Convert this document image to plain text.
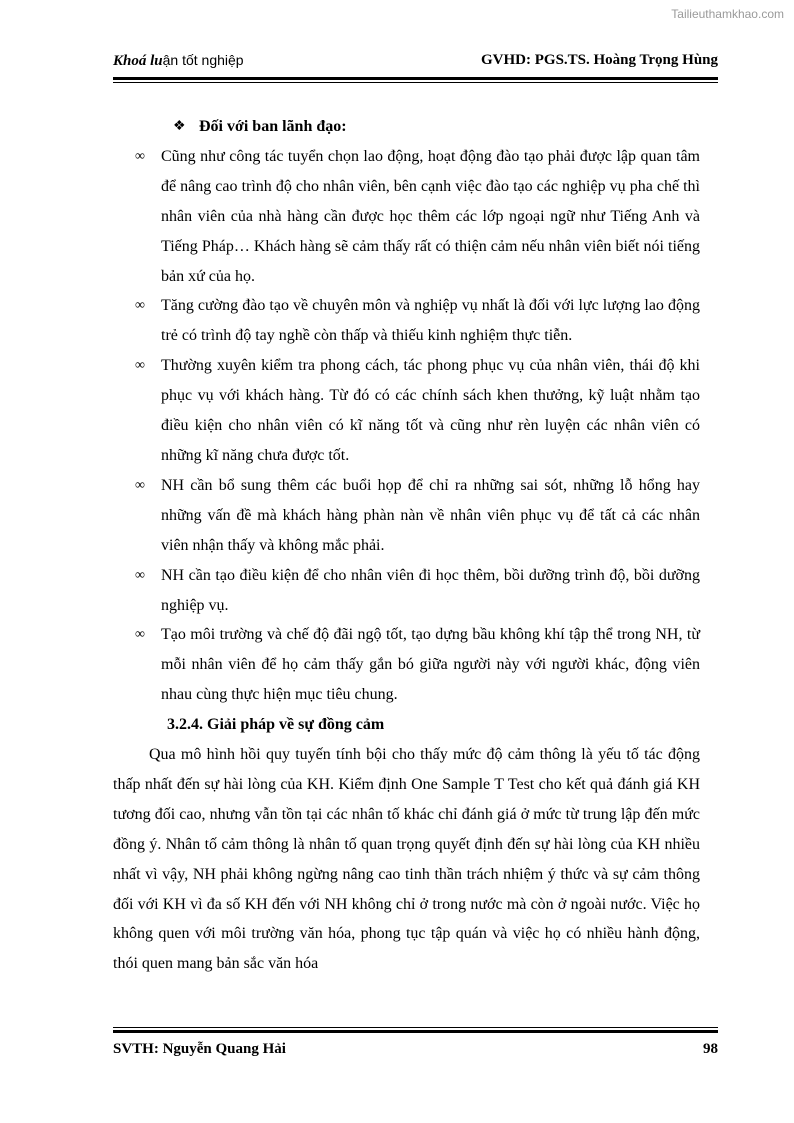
Tailieuthamkhao.com
Khoá luận tốt nghiệp	GVHD: PGS.TS. Hoàng Trọng Hùng
❖ Đối với ban lãnh đạo:
∞ Cũng như công tác tuyển chọn lao động, hoạt động đào tạo phải được lập quan tâm để nâng cao trình độ cho nhân viên, bên cạnh việc đào tạo các nghiệp vụ pha chế thì nhân viên của nhà hàng cần được học thêm các lớp ngoại ngữ như Tiếng Anh và Tiếng Pháp… Khách hàng sẽ cảm thấy rất có thiện cảm nếu nhân viên biết nói tiếng bản xứ của họ.
∞ Tăng cường đào tạo về chuyên môn và nghiệp vụ nhất là đối với lực lượng lao động trẻ có trình độ tay nghề còn thấp và thiếu kinh nghiệm thực tiễn.
∞ Thường xuyên kiểm tra phong cách, tác phong phục vụ của nhân viên, thái độ khi phục vụ với khách hàng. Từ đó có các chính sách khen thưởng, kỹ luật nhằm tạo điều kiện cho nhân viên có kĩ năng tốt và cũng như rèn luyện các nhân viên có những kĩ năng chưa được tốt.
∞ NH cần bổ sung thêm các buổi họp để chỉ ra những sai sót, những lỗ hổng hay những vấn đề mà khách hàng phàn nàn về nhân viên phục vụ để tất cả các nhân viên nhận thấy và không mắc phải.
∞ NH cần tạo điều kiện để cho nhân viên đi học thêm, bồi dưỡng trình độ, bồi dưỡng nghiệp vụ.
∞ Tạo môi trường và chế độ đãi ngộ tốt, tạo dựng bầu không khí tập thể trong NH, từ mỗi nhân viên để họ cảm thấy gắn bó giữa người này với người khác, động viên nhau cùng thực hiện mục tiêu chung.
3.2.4. Giải pháp về sự đồng cảm
Qua mô hình hồi quy tuyến tính bội cho thấy mức độ cảm thông là yếu tố tác động thấp nhất đến sự hài lòng của KH. Kiểm định One Sample T Test cho kết quả đánh giá KH tương đối cao, nhưng vẫn tồn tại các nhân tố khác chỉ đánh giá ở mức từ trung lập đến mức đồng ý. Nhân tố cảm thông là nhân tố quan trọng quyết định đến sự hài lòng của KH nhiều nhất vì vậy, NH phải không ngừng nâng cao tinh thần trách nhiệm ý thức và sự cảm thông đối với KH vì đa số KH đến với NH không chỉ ở trong nước mà còn ở ngoài nước. Việc họ không quen với môi trường văn hóa, phong tục tập quán và việc họ có nhiều hành động, thói quen mang bản sắc văn hóa
SVTH: Nguyễn Quang Hải	98
